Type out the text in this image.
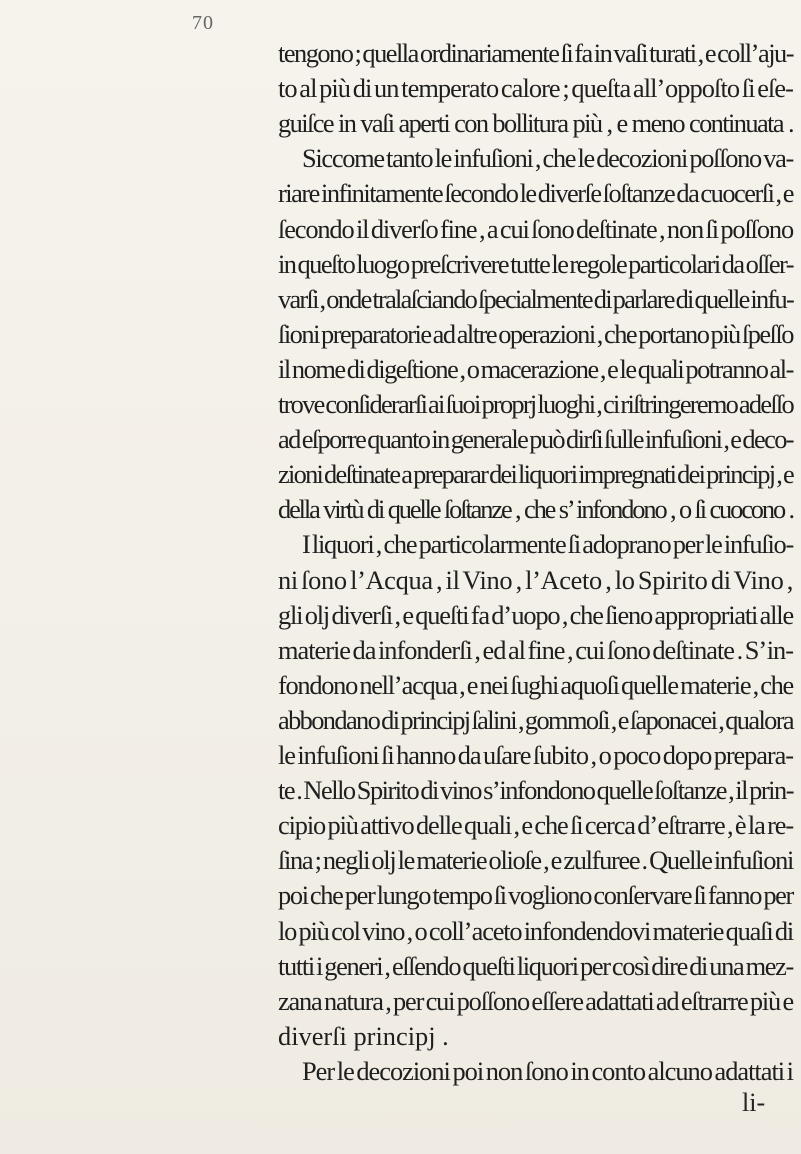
70
tengono ; quella ordinariamente ſi fa in vaſi turati , e coll’ aju-
to al più di un temperato calore ; queſta all’ oppoſto ſi eſe-
guiſce in vaſi aperti con bollitura più , e meno continuata .
Siccome tanto le infuſioni , che le decozioni poſſono va-
riare infinitamente ſecondo le diverſe ſoſtanze da cuocerſi , e
ſecondo il diverſo fine , a cui ſono deſtinate , non ſi poſſono
in queſto luogo preſcrivere tutte le regole particolari da oſſer-
varſi , onde tralaſciando ſpecialmente di parlare di quelle infu-
ſioni preparatorie ad altre operazioni , che portano più ſpeſſo
il nome di digeſtione , o macerazione , e le quali potranno al-
trove conſiderarſi ai ſuoi proprj luoghi , ci riſtringeremo adeſſo
ad eſporre quanto in generale può dirſi ſulle infuſioni , e deco-
zioni deſtinate a preparar dei liquori impregnati dei principj , e
della virtù di quelle ſoſtanze , che s’ infondono , o ſi cuocono .
I liquori , che particolarmente ſi adoprano per le infuſio-
ni ſono l’ Acqua , il Vino , l’ Aceto , lo Spirito di Vino ,
gli olj diverſi , e queſti fa d’ uopo , che ſieno appropriati alle
materie da infonderſi , ed al fine , cui ſono deſtinate . S’ in-
fondono nell’ acqua , e nei ſughi aquoſi quelle materie , che
abbondano di principj ſalini , gommoſi , e ſaponacei , qualora
le infuſioni ſi hanno da uſare ſubito , o poco dopo prepara-
te . Nello Spirito di vino s’ infondono quelle ſoſtanze , il prin-
cipio più attivo delle quali , e che ſi cerca d’ eſtrarre , è la re-
ſina ; negli olj le materie olioſe , e zulfuree . Quelle infuſioni
poi che per lungo tempo ſi vogliono conſervare ſi fanno per
lo più col vino , o coll’ aceto infondendovi materie quaſi di
tutti i generi , eſſendo queſti liquori per così dire di una mez-
zana natura , per cui poſſono eſſere adattati ad eſtrarre più e
diverſi principj .
Per le decozioni poi non ſono in conto alcuno adattati i
li-
